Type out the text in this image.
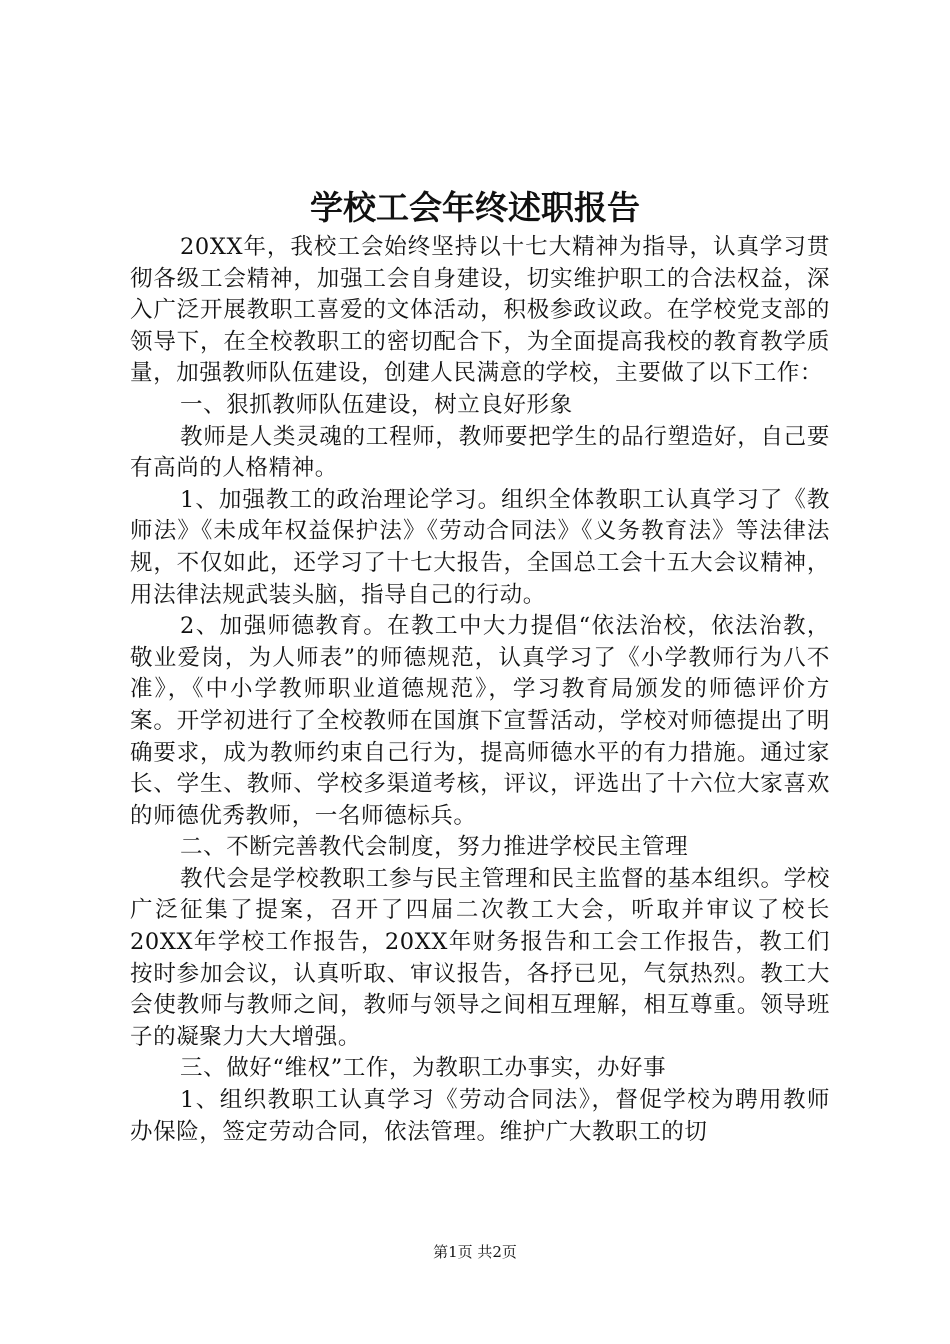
学校工会年终述职报告

20XX年，我校工会始终坚持以十七大精神为指导，认真学习贯彻各级工会精神，加强工会自身建设，切实维护职工的合法权益，深入广泛开展教职工喜爱的文体活动，积极参政议政。在学校党支部的领导下，在全校教职工的密切配合下，为全面提高我校的教育教学质量，加强教师队伍建设，创建人民满意的学校，主要做了以下工作：

一、狠抓教师队伍建设，树立良好形象

教师是人类灵魂的工程师，教师要把学生的品行塑造好，自己要有高尚的人格精神。

1、加强教工的政治理论学习。组织全体教职工认真学习了《教师法》《未成年权益保护法》《劳动合同法》《义务教育法》等法律法规，不仅如此，还学习了十七大报告，全国总工会十五大会议精神，用法律法规武装头脑，指导自己的行动。

2、加强师德教育。在教工中大力提倡“依法治校，依法治教，敬业爱岗，为人师表”的师德规范，认真学习了《小学教师行为八不准》，《中小学教师职业道德规范》，学习教育局颁发的师德评价方案。开学初进行了全校教师在国旗下宣誓活动，学校对师德提出了明确要求，成为教师约束自己行为，提高师德水平的有力措施。通过家长、学生、教师、学校多渠道考核，评议，评选出了十六位大家喜欢的师德优秀教师，一名师德标兵。

二、不断完善教代会制度，努力推进学校民主管理

教代会是学校教职工参与民主管理和民主监督的基本组织。学校广泛征集了提案，召开了四届二次教工大会，听取并审议了校长20XX年学校工作报告，20XX年财务报告和工会工作报告，教工们按时参加会议，认真听取、审议报告，各抒已见，气氛热烈。教工大会使教师与教师之间，教师与领导之间相互理解，相互尊重。领导班子的凝聚力大大增强。

三、做好“维权”工作，为教职工办事实，办好事

1、组织教职工认真学习《劳动合同法》，督促学校为聘用教师办保险，签定劳动合同，依法管理。维护广大教职工的切

第1页 共2页
